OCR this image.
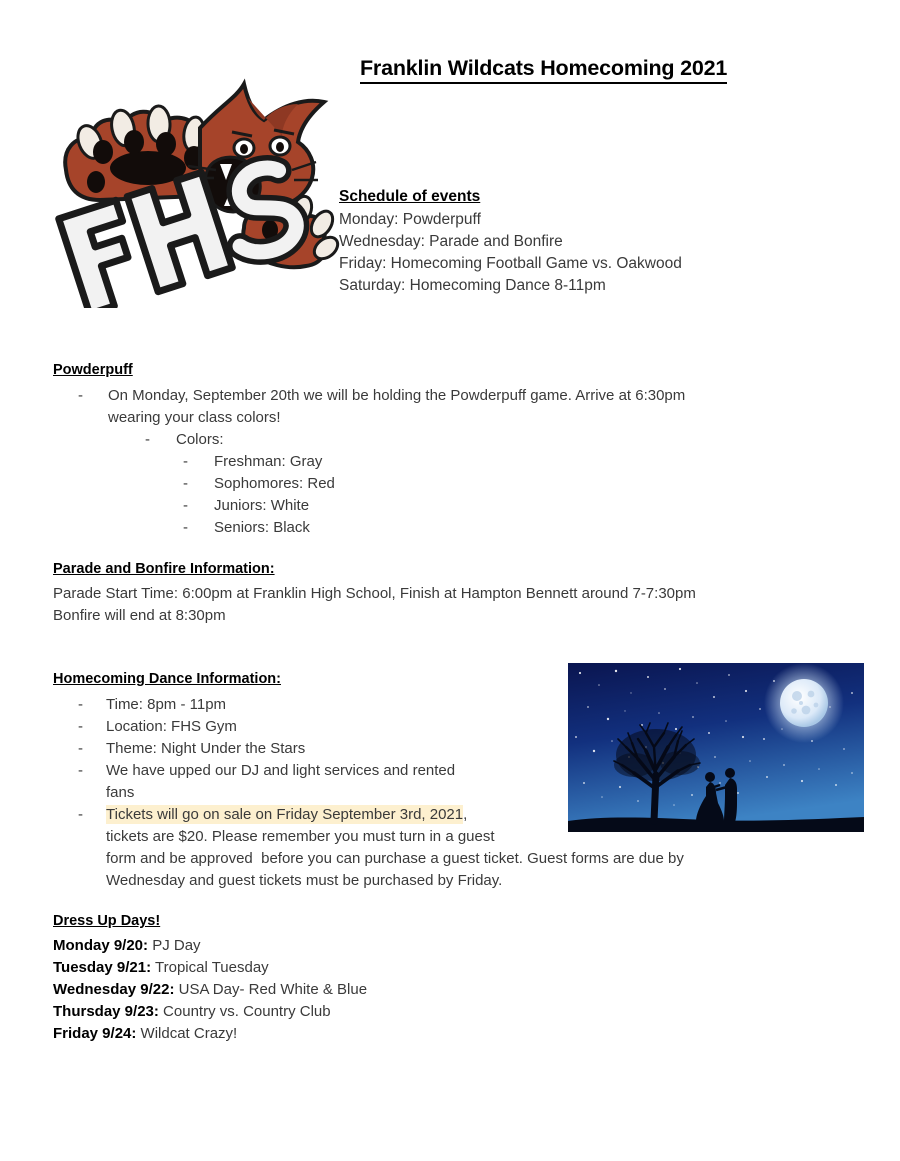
Franklin Wildcats Homecoming 2021
Schedule of events
Monday: Powderpuff
Wednesday: Parade and Bonfire
Friday: Homecoming Football Game vs. Oakwood
Saturday: Homecoming Dance 8-11pm
Powderpuff
- On Monday, September 20th we will be holding the Powderpuff game. Arrive at 6:30pm
wearing your class colors!
- Colors:
- Freshman: Gray
- Sophomores: Red
- Juniors: White
- Seniors: Black
Parade and Bonfire Information:
Parade Start Time: 6:00pm at Franklin High School, Finish at Hampton Bennett around 7-7:30pm
Bonfire will end at 8:30pm
Homecoming Dance Information:
- Time: 8pm - 11pm
- Location: FHS Gym
- Theme: Night Under the Stars
- We have upped our DJ and light services and rented
fans
- Tickets will go on sale on Friday September 3rd, 2021,
tickets are $20. Please remember you must turn in a guest
form and be approved  before you can purchase a guest ticket. Guest forms are due by
Wednesday and guest tickets must be purchased by Friday.
Dress Up Days!
Monday 9/20: PJ Day
Tuesday 9/21: Tropical Tuesday
Wednesday 9/22: USA Day- Red White & Blue
Thursday 9/23: Country vs. Country Club
Friday 9/24: Wildcat Crazy!
